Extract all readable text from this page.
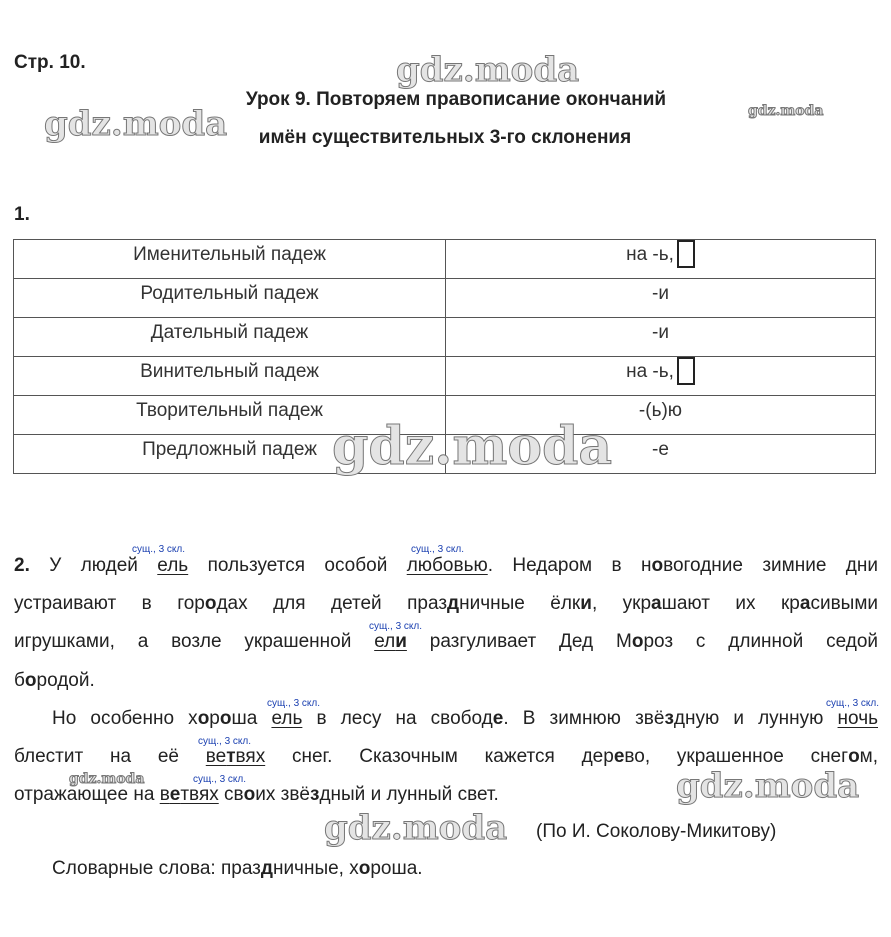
Стр. 10.
Урок 9. Повторяем правописание окончаний
имён существительных 3-го склонения
1.
Именительный падеж	на -ь,
Родительный падеж	-и
Дательный падеж	-и
Винительный падеж	на -ь,
Творительный падеж	-(ь)ю
Предложный падеж	-е
сущ., 3 скл.	сущ., 3 скл.
сущ., 3 скл.
сущ., 3 скл.	сущ., 3 скл.
сущ., 3 скл.
сущ., 3 скл.
2. У людей ель пользуется особой любовью. Недаром в новогодние зимние дни
устраивают в городах для детей праздничные ёлки, украшают их красивыми
игрушками, а возле украшенной ели разгуливает Дед Мороз с длинной седой
бородой.
Но особенно хороша ель в лесу на свободе. В зимнюю звёздную и лунную ночь
блестит на её ветвях снег. Сказочным кажется дерево, украшенное снегом,
отражающее на ветвях своих звёздный и лунный свет.
(По И. Соколову-Микитову)
Словарные слова: праздничные, хороша.
gdz.moda
gdz.moda	gdz.moda
gdz.moda
gdz.moda	gdz.moda
gdz.moda
